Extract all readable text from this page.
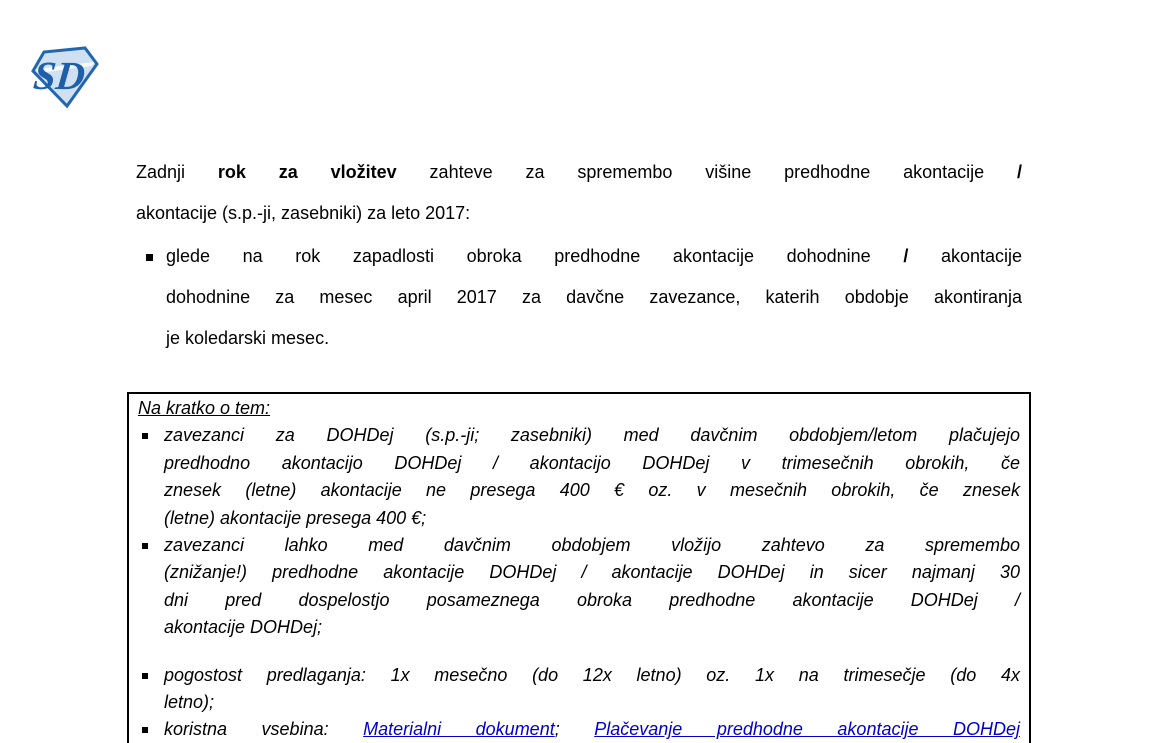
SD
Zadnji rok za vložitev zahteve za spremembo višine predhodne akontacije /
akontacije (s.p.-ji, zasebniki) za leto 2017:
glede na rok zapadlosti obroka predhodne akontacije dohodnine / akontacije
dohodnine za mesec april 2017 za davčne zavezance, katerih obdobje akontiranja
je koledarski mesec.
Na kratko o tem:
zavezanci za DOHDej (s.p.-ji; zasebniki) med davčnim obdobjem/letom plačujejo
predhodno akontacijo DOHDej / akontacijo DOHDej v trimesečnih obrokih, če
znesek (letne) akontacije ne presega 400 € oz. v mesečnih obrokih, če znesek
(letne) akontacije presega 400 €;
zavezanci lahko med davčnim obdobjem vložijo zahtevo za spremembo
(znižanje!) predhodne akontacije DOHDej / akontacije DOHDej in sicer najmanj 30
dni pred dospelostjo posameznega obroka predhodne akontacije DOHDej /
akontacije DOHDej;
pogostost predlaganja: 1x mesečno (do 12x letno) oz. 1x na trimesečje (do 4x
letno);
koristna vsebina: Materialni dokument; Plačevanje predhodne akontacije DOHDej
